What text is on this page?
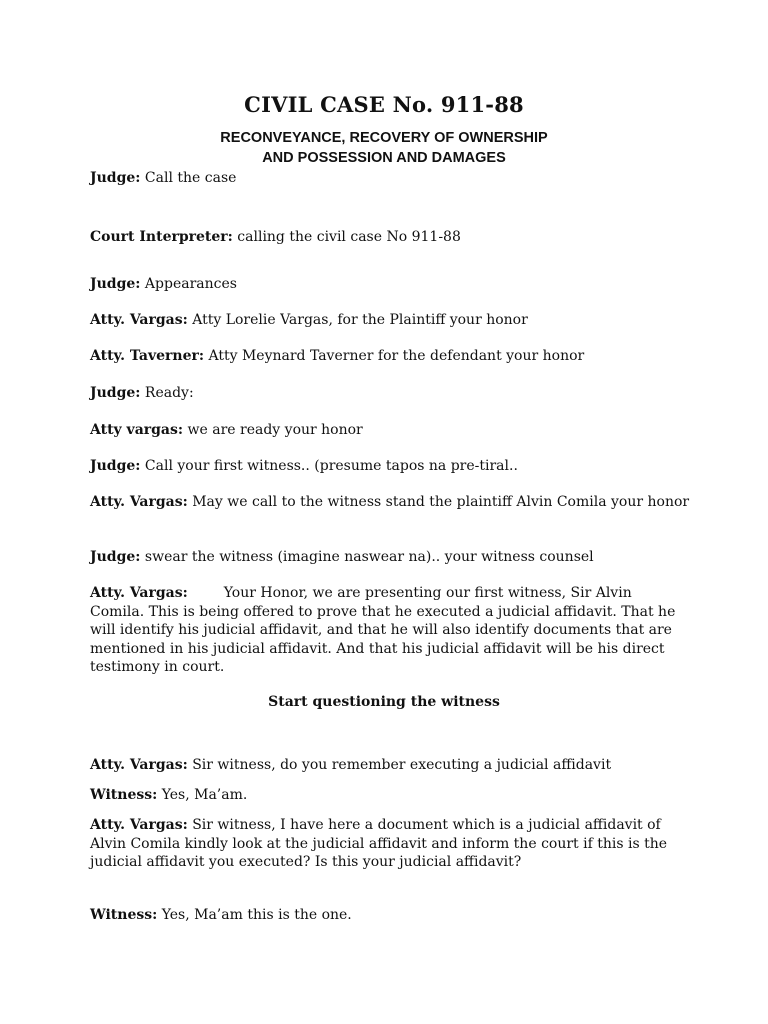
CIVIL CASE No. 911-88
RECONVEYANCE, RECOVERY OF OWNERSHIP
AND POSSESSION AND DAMAGES
Judge: Call the case
Court Interpreter: calling the civil case No 911-88
Judge: Appearances
Atty. Vargas: Atty Lorelie Vargas, for the Plaintiff your honor
Atty. Taverner: Atty Meynard Taverner for the defendant your honor
Judge: Ready:
Atty vargas: we are ready your honor
Judge: Call your first witness.. (presume tapos na pre-tiral..
Atty. Vargas: May we call to the witness stand the plaintiff Alvin Comila your honor
Judge: swear the witness (imagine naswear na).. your witness counsel
Atty. Vargas:	Your Honor, we are presenting our first witness, Sir Alvin Comila. This is being offered to prove that he executed a judicial affidavit. That he will identify his judicial affidavit, and that he will also identify documents that are mentioned in his judicial affidavit. And that his judicial affidavit will be his direct testimony in court.
Start questioning the witness
Atty. Vargas: Sir witness, do you remember executing a judicial affidavit
Witness: Yes, Ma’am.
Atty. Vargas: Sir witness, I have here a document which is a judicial affidavit of Alvin Comila kindly look at the judicial affidavit and inform the court if this is the judicial affidavit you executed? Is this your judicial affidavit?
Witness: Yes, Ma’am this is the one.
